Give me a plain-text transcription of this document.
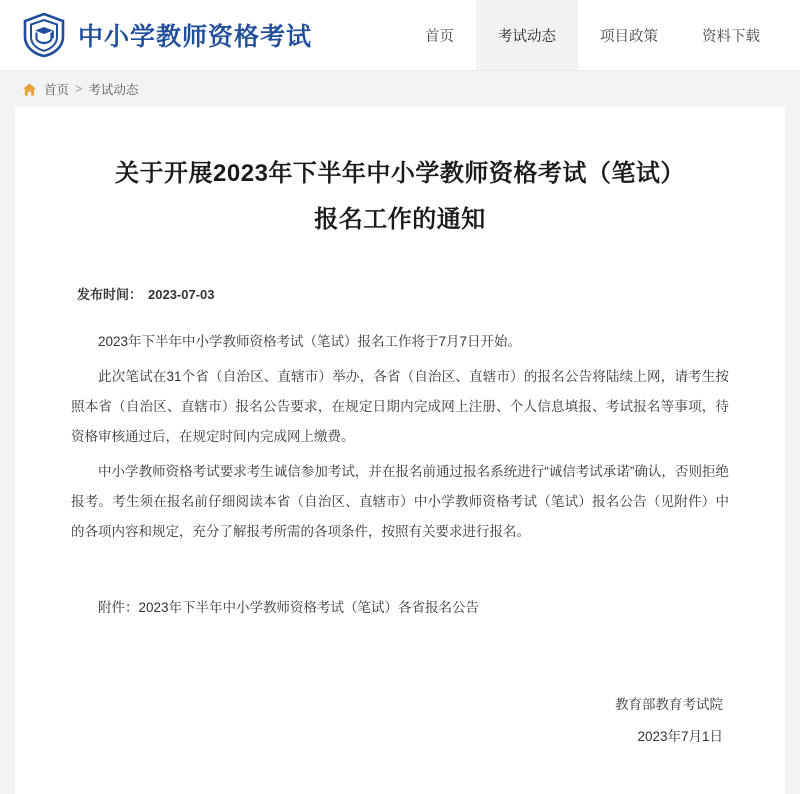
中小学教师资格考试	首页	考试动态	项目政策	资料下载
首页 > 考试动态
关于开展2023年下半年中小学教师资格考试（笔试）
报名工作的通知
发布时间： 2023-07-03

2023年下半年中小学教师资格考试（笔试）报名工作将于7月7日开始。

此次笔试在31个省（自治区、直辖市）举办，各省（自治区、直辖市）的报名公告将陆续上网，请考生按照本省（自治区、直辖市）报名公告要求，在规定日期内完成网上注册、个人信息填报、考试报名等事项，待资格审核通过后，在规定时间内完成网上缴费。

中小学教师资格考试要求考生诚信参加考试，并在报名前通过报名系统进行“诚信考试承诺”确认，否则拒绝报考。考生须在报名前仔细阅读本省（自治区、直辖市）中小学教师资格考试（笔试）报名公告（见附件）中的各项内容和规定，充分了解报考所需的各项条件，按照有关要求进行报名。

附件：2023年下半年中小学教师资格考试（笔试）各省报名公告
教育部教育考试院
2023年7月1日
